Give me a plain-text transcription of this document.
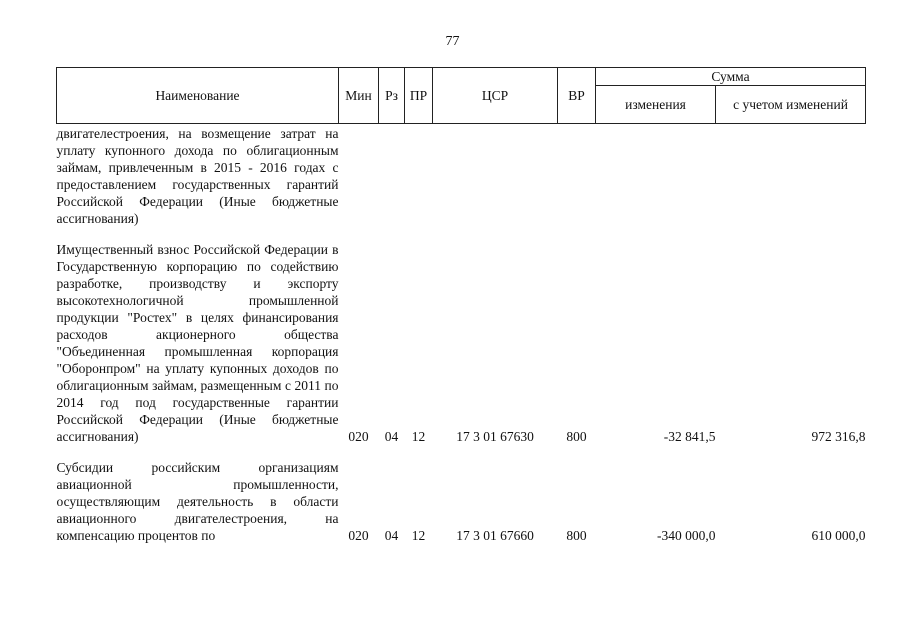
77
Наименование	Мин	Рз	ПР	ЦСР	ВР	Сумма	
						изменения	с учетом изменений
двигателестроения, на возмещение затрат на уплату купонного дохода по облигационным займам, привлеченным в 2015 - 2016 годах с предоставлением государственных гарантий Российской Федерации (Иные бюджетные ассигнования)							

Имущественный взнос Российской Федерации в Государственную корпорацию по содействию разработке, производству и экспорту высокотехнологичной промышленной продукции "Ростех" в целях финансирования расходов акционерного общества "Объединенная промышленная корпорация "Оборонпром" на уплату купонных доходов по облигационным займам, размещенным с 2011 по 2014 год под государственные гарантии Российской Федерации (Иные бюджетные ассигнования)	020	04	12	17 3 01 67630	800	-32 841,5	972 316,8

Субсидии российским организациям авиационной промышленности, осуществляющим деятельность в области авиационного двигателестроения, на компенсацию процентов по	020	04	12	17 3 01 67660	800	-340 000,0	610 000,0
